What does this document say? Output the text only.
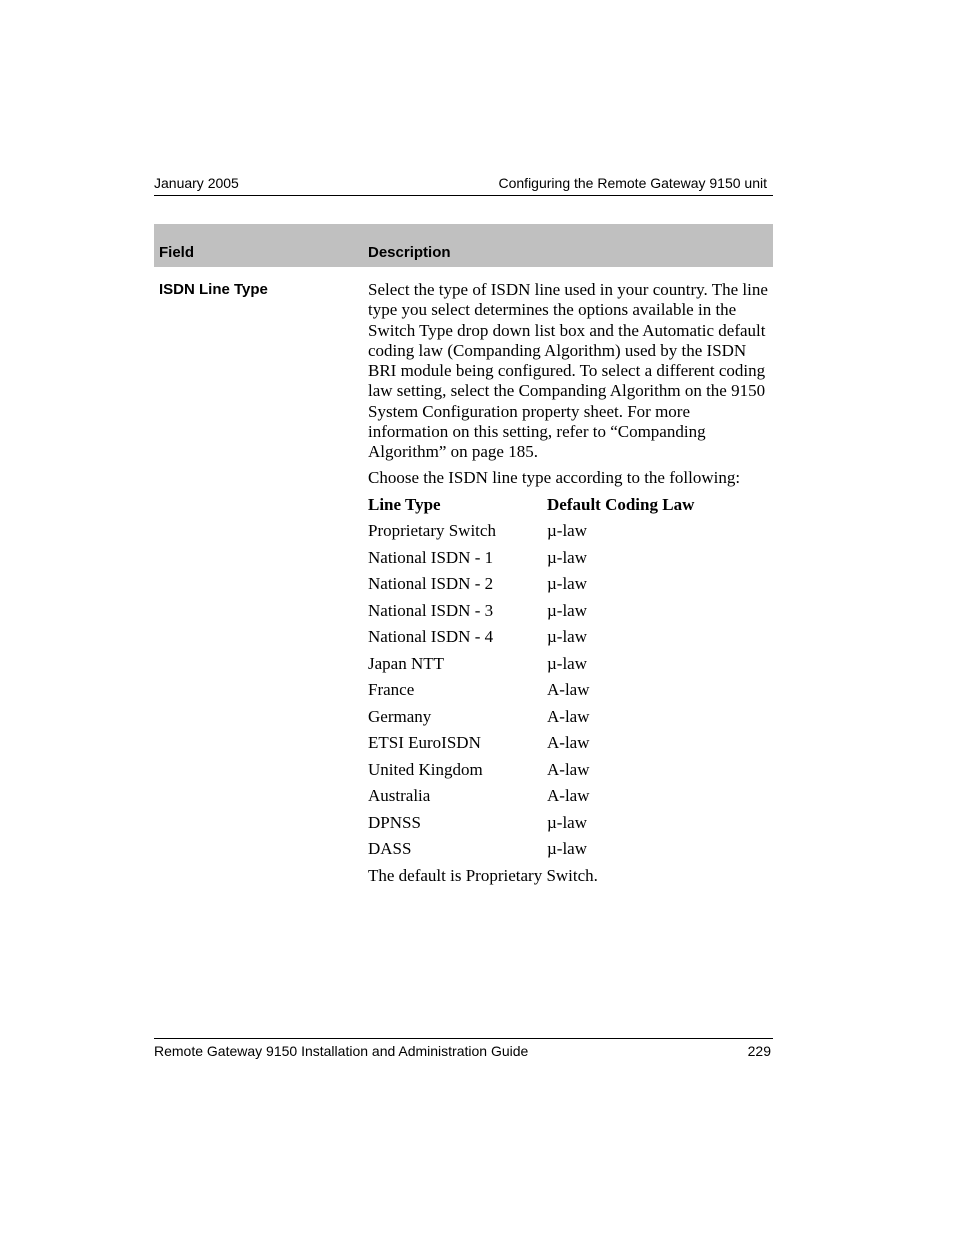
January 2005	Configuring the Remote Gateway 9150 unit
Field	Description
ISDN Line Type	Select the type of ISDN line used in your country. The line type you select determines the options available in the Switch Type drop down list box and the Automatic default coding law (Companding Algorithm) used by the ISDN BRI module being configured. To select a different coding law setting, select the Companding Algorithm on the 9150 System Configuration property sheet. For more information on this setting, refer to “Companding Algorithm” on page 185.

Choose the ISDN line type according to the following:

Line Type	Default Coding Law
Proprietary Switch	µ-law
National ISDN - 1	µ-law
National ISDN - 2	µ-law
National ISDN - 3	µ-law
National ISDN - 4	µ-law
Japan NTT	µ-law
France	A-law
Germany	A-law
ETSI EuroISDN	A-law
United Kingdom	A-law
Australia	A-law
DPNSS	µ-law
DASS	µ-law

The default is Proprietary Switch.

Remote Gateway 9150 Installation and Administration Guide	229
